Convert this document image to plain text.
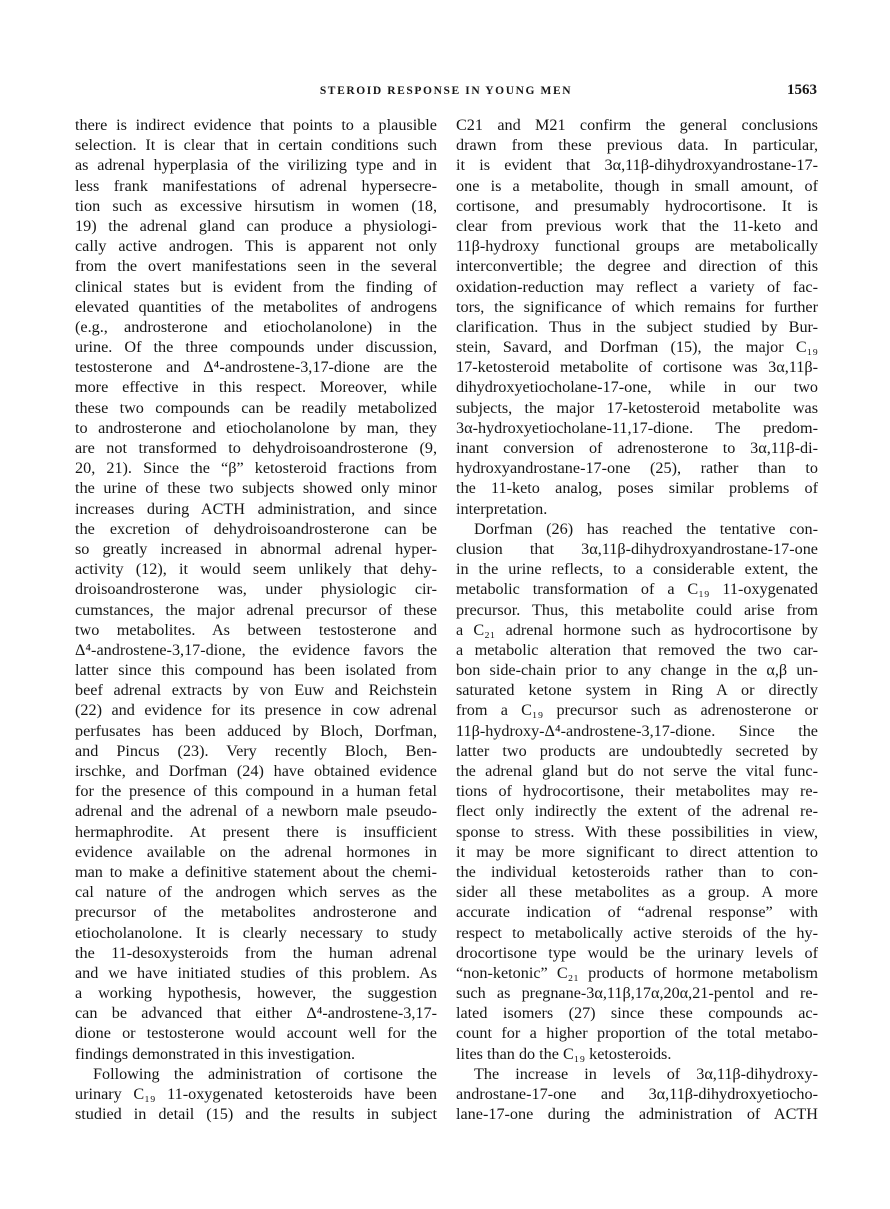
STEROID RESPONSE IN YOUNG MEN	1563
there is indirect evidence that points to a plausible
selection. It is clear that in certain conditions such
as adrenal hyperplasia of the virilizing type and in
less frank manifestations of adrenal hypersecre-
tion such as excessive hirsutism in women (18,
19) the adrenal gland can produce a physiologi-
cally active androgen. This is apparent not only
from the overt manifestations seen in the several
clinical states but is evident from the finding of
elevated quantities of the metabolites of androgens
(e.g., androsterone and etiocholanolone) in the
urine. Of the three compounds under discussion,
testosterone and Δ⁴-androstene-3,17-dione are the
more effective in this respect. Moreover, while
these two compounds can be readily metabolized
to androsterone and etiocholanolone by man, they
are not transformed to dehydroisoandrosterone (9,
20, 21). Since the “β” ketosteroid fractions from
the urine of these two subjects showed only minor
increases during ACTH administration, and since
the excretion of dehydroisoandrosterone can be
so greatly increased in abnormal adrenal hyper-
activity (12), it would seem unlikely that dehy-
droisoandrosterone was, under physiologic cir-
cumstances, the major adrenal precursor of these
two metabolites. As between testosterone and
Δ⁴-androstene-3,17-dione, the evidence favors the
latter since this compound has been isolated from
beef adrenal extracts by von Euw and Reichstein
(22) and evidence for its presence in cow adrenal
perfusates has been adduced by Bloch, Dorfman,
and Pincus (23). Very recently Bloch, Ben-
irschke, and Dorfman (24) have obtained evidence
for the presence of this compound in a human fetal
adrenal and the adrenal of a newborn male pseudo-
hermaphrodite. At present there is insufficient
evidence available on the adrenal hormones in
man to make a definitive statement about the chemi-
cal nature of the androgen which serves as the
precursor of the metabolites androsterone and
etiocholanolone. It is clearly necessary to study
the 11-desoxysteroids from the human adrenal
and we have initiated studies of this problem. As
a working hypothesis, however, the suggestion
can be advanced that either Δ⁴-androstene-3,17-
dione or testosterone would account well for the
findings demonstrated in this investigation.
Following the administration of cortisone the
urinary C₁₉ 11-oxygenated ketosteroids have been
studied in detail (15) and the results in subject
C21 and M21 confirm the general conclusions
drawn from these previous data. In particular,
it is evident that 3α,11β-dihydroxyandrostane-17-
one is a metabolite, though in small amount, of
cortisone, and presumably hydrocortisone. It is
clear from previous work that the 11-keto and
11β-hydroxy functional groups are metabolically
interconvertible; the degree and direction of this
oxidation-reduction may reflect a variety of fac-
tors, the significance of which remains for further
clarification. Thus in the subject studied by Bur-
stein, Savard, and Dorfman (15), the major C₁₉
17-ketosteroid metabolite of cortisone was 3α,11β-
dihydroxyetiocholane-17-one, while in our two
subjects, the major 17-ketosteroid metabolite was
3α-hydroxyetiocholane-11,17-dione. The predom-
inant conversion of adrenosterone to 3α,11β-di-
hydroxyandrostane-17-one (25), rather than to
the 11-keto analog, poses similar problems of
interpretation.
Dorfman (26) has reached the tentative con-
clusion that 3α,11β-dihydroxyandrostane-17-one
in the urine reflects, to a considerable extent, the
metabolic transformation of a C₁₉ 11-oxygenated
precursor. Thus, this metabolite could arise from
a C₂₁ adrenal hormone such as hydrocortisone by
a metabolic alteration that removed the two car-
bon side-chain prior to any change in the α,β un-
saturated ketone system in Ring A or directly
from a C₁₉ precursor such as adrenosterone or
11β-hydroxy-Δ⁴-androstene-3,17-dione. Since the
latter two products are undoubtedly secreted by
the adrenal gland but do not serve the vital func-
tions of hydrocortisone, their metabolites may re-
flect only indirectly the extent of the adrenal re-
sponse to stress. With these possibilities in view,
it may be more significant to direct attention to
the individual ketosteroids rather than to con-
sider all these metabolites as a group. A more
accurate indication of “adrenal response” with
respect to metabolically active steroids of the hy-
drocortisone type would be the urinary levels of
“non-ketonic” C₂₁ products of hormone metabolism
such as pregnane-3α,11β,17α,20α,21-pentol and re-
lated isomers (27) since these compounds ac-
count for a higher proportion of the total metabo-
lites than do the C₁₉ ketosteroids.
The increase in levels of 3α,11β-dihydroxy-
androstane-17-one and 3α,11β-dihydroxyetiocho-
lane-17-one during the administration of ACTH
